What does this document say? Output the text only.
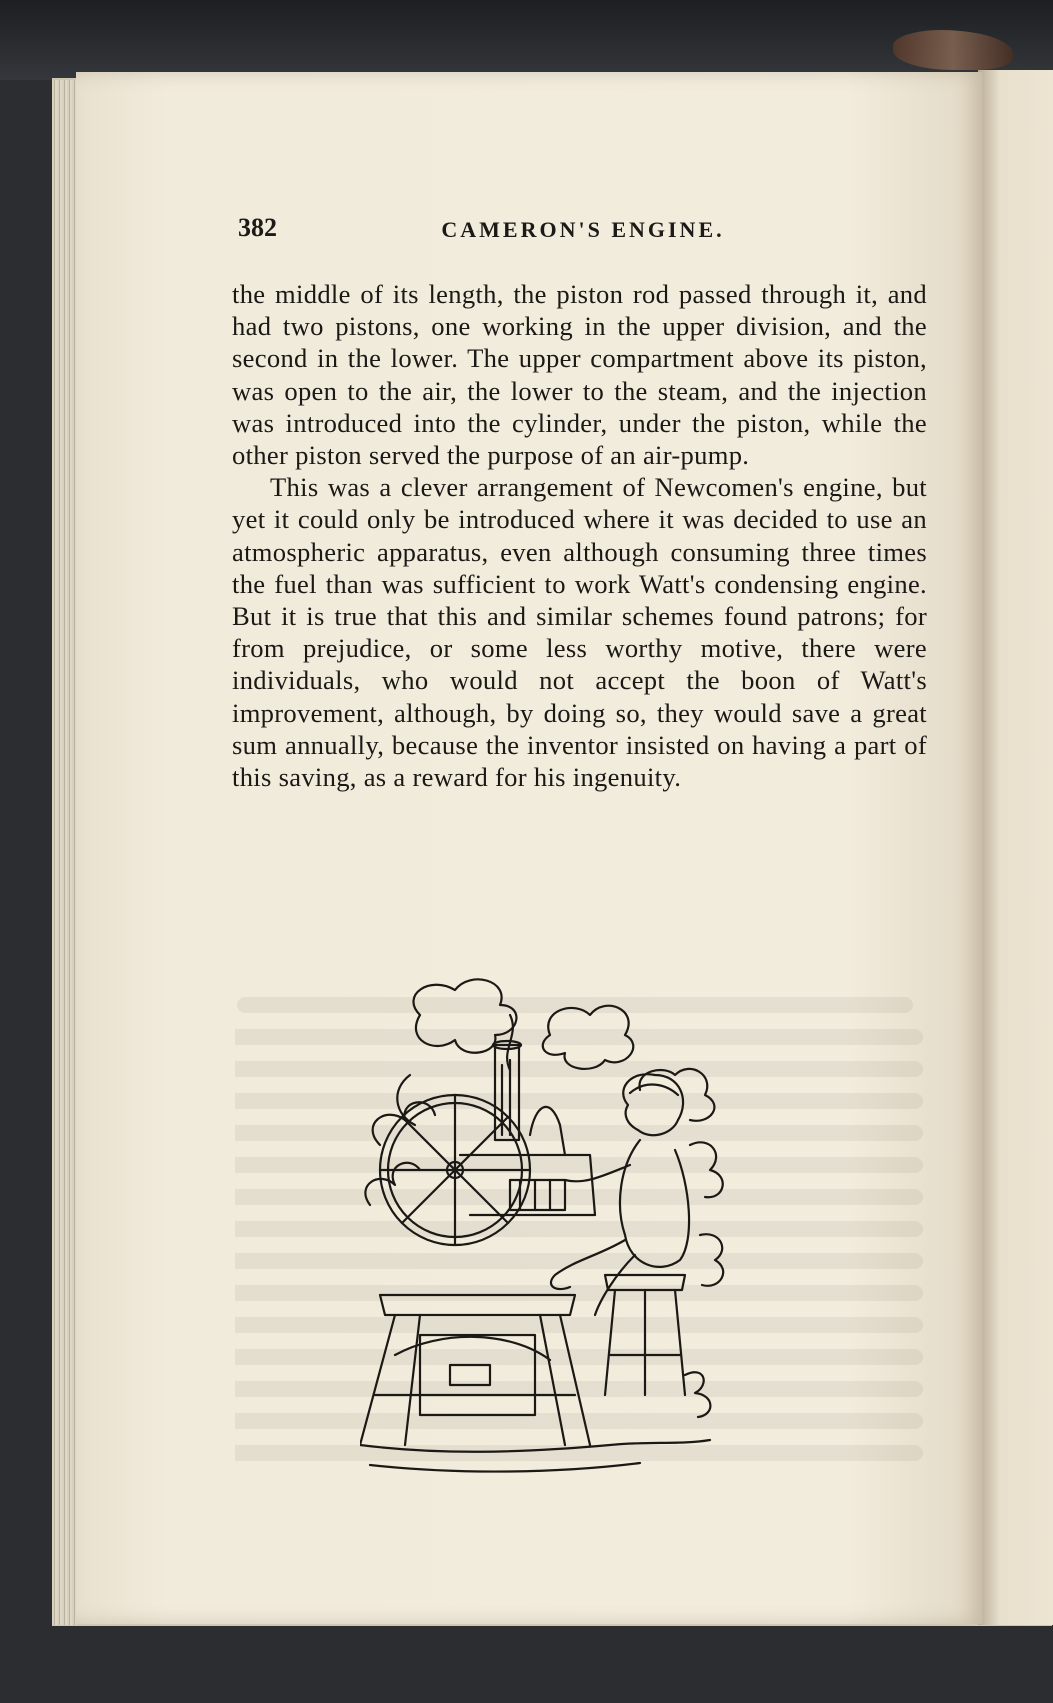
382	CAMERON'S ENGINE.

the middle of its length, the piston rod passed through it, and had two pistons, one working in the upper division, and the second in the lower. The upper compartment above its piston, was open to the air, the lower to the steam, and the injection was introduced into the cylinder, under the piston, while the other piston served the purpose of an air-pump.

This was a clever arrangement of Newcomen's engine, but yet it could only be introduced where it was decided to use an atmospheric apparatus, even although consuming three times the fuel than was sufficient to work Watt's condensing engine. But it is true that this and similar schemes found patrons; for from prejudice, or some less worthy motive, there were individuals, who would not accept the boon of Watt's improvement, although, by doing so, they would save a great sum annually, because the inventor insisted on having a part of this saving, as a reward for his ingenuity.
